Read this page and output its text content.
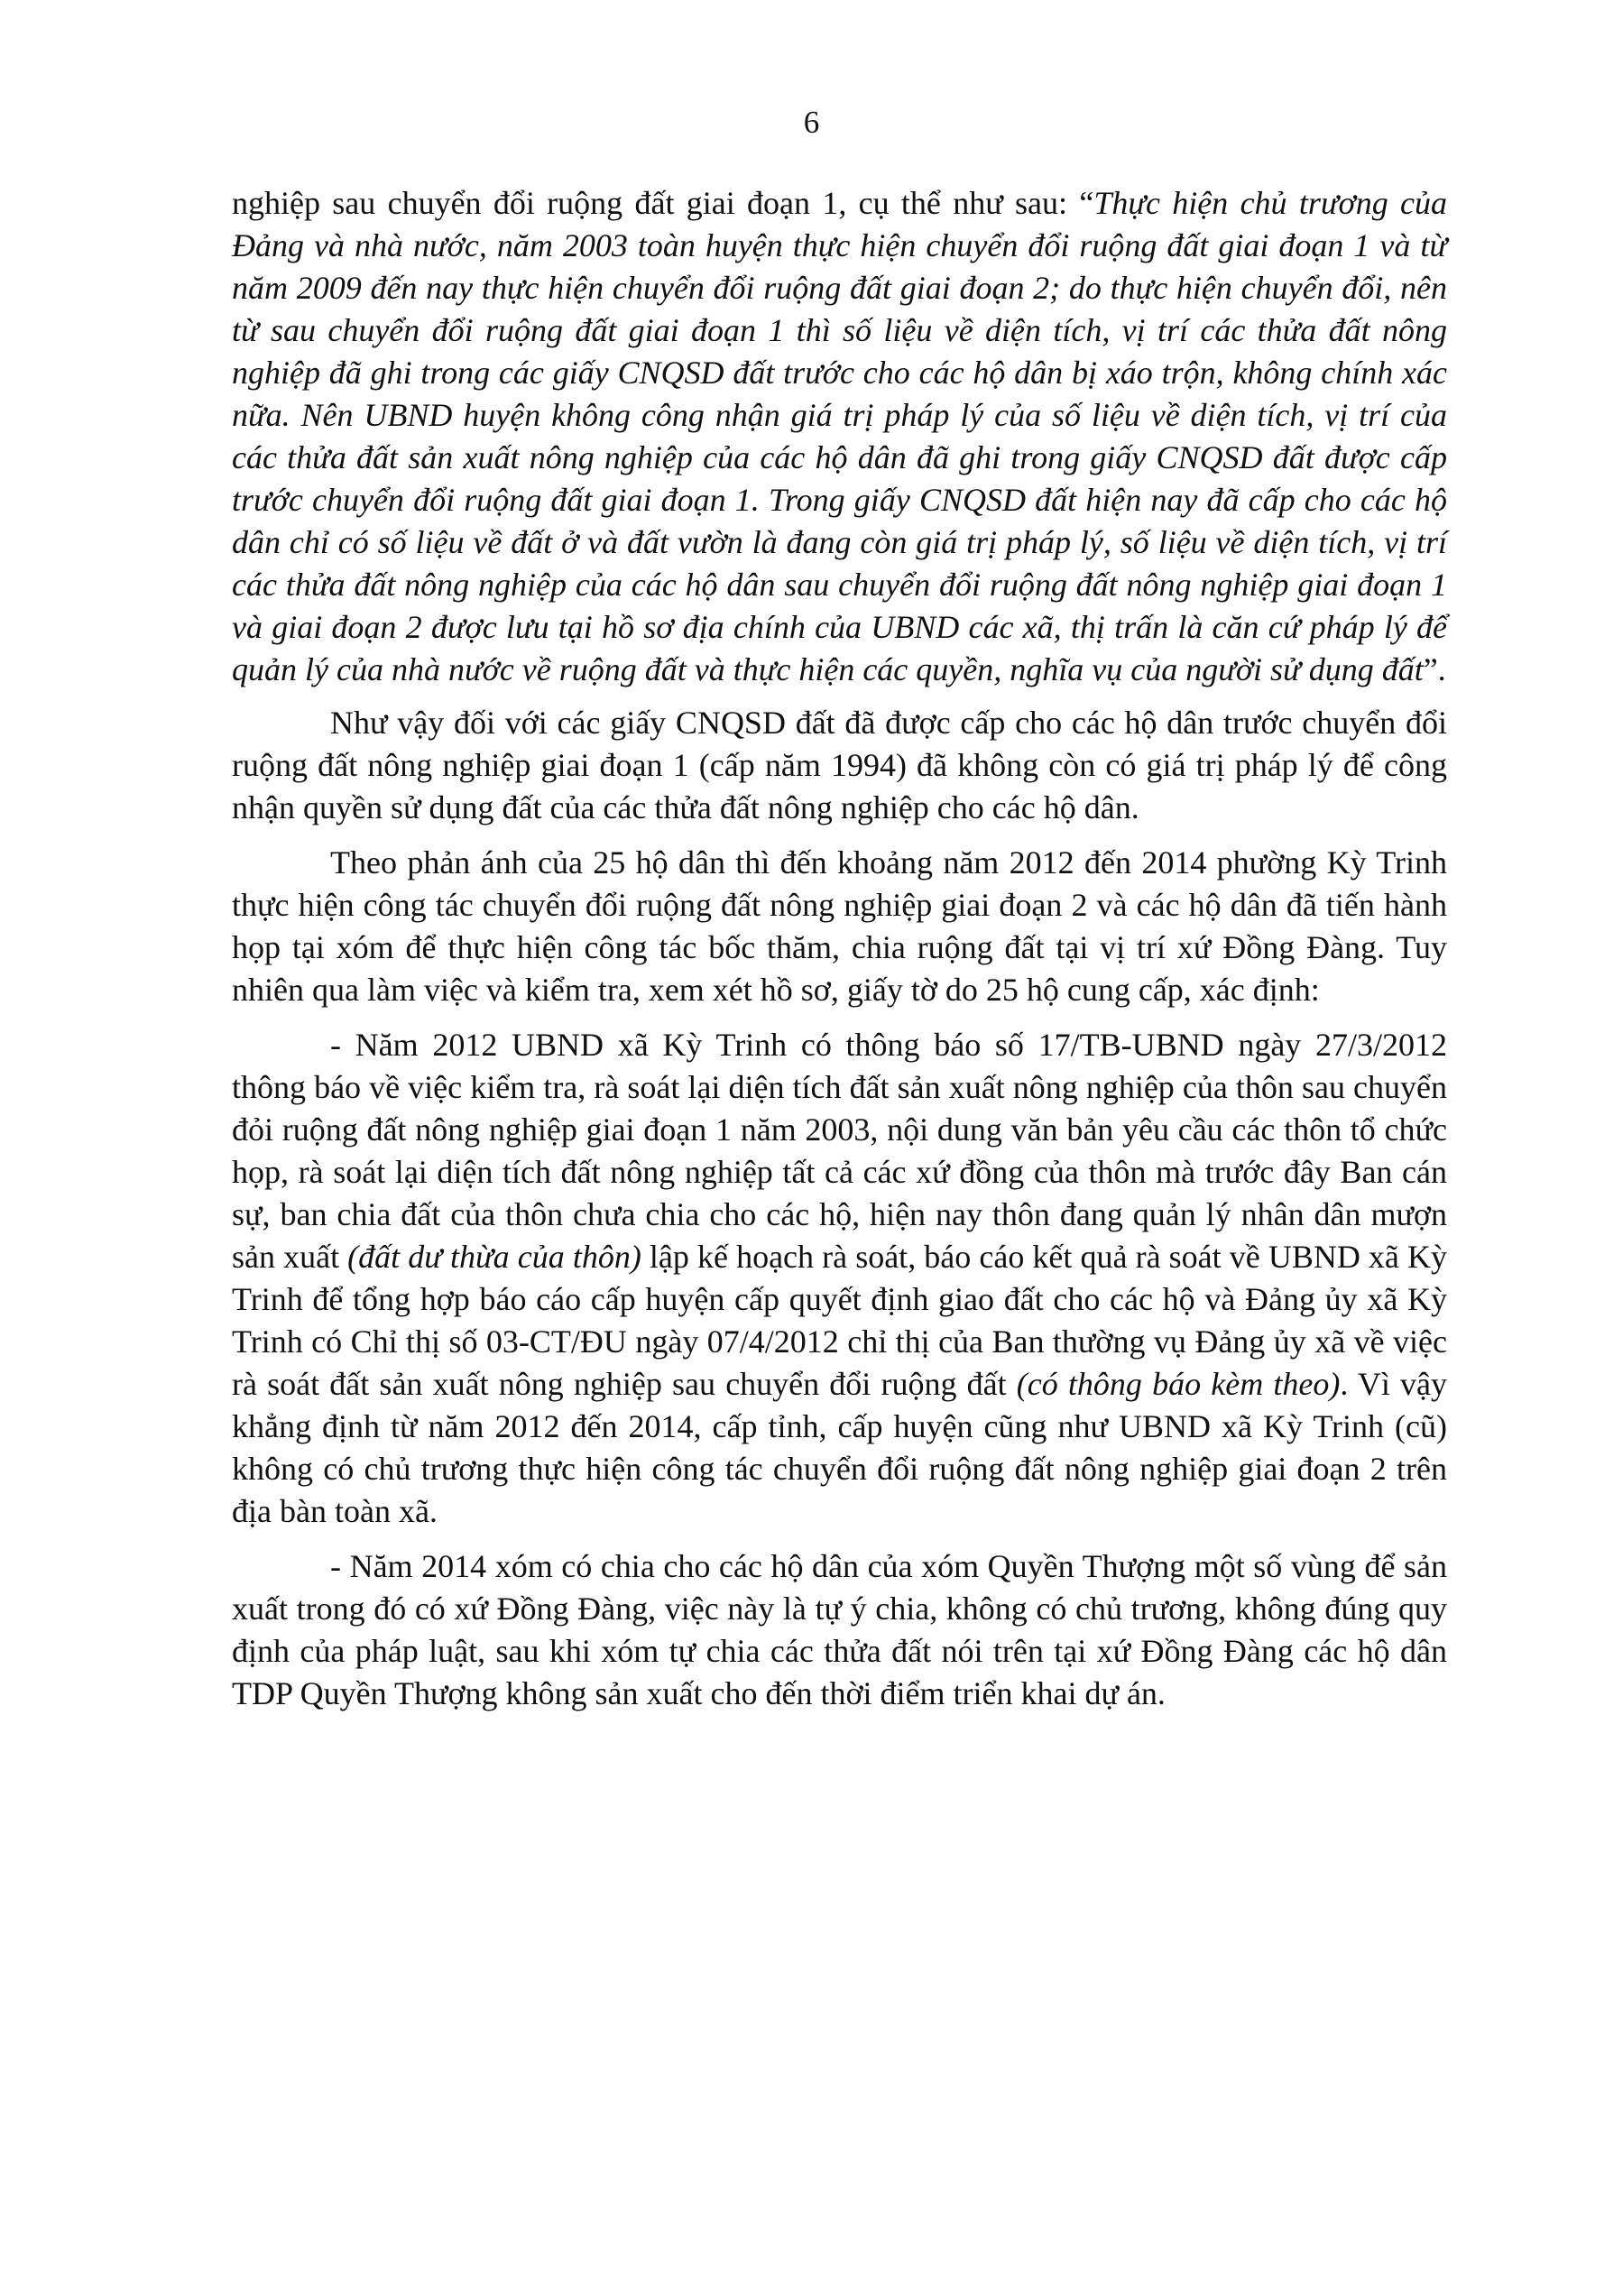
6

nghiệp sau chuyển đổi ruộng đất giai đoạn 1, cụ thể như sau: “Thực hiện chủ trương của Đảng và nhà nước, năm 2003 toàn huyện thực hiện chuyển đổi ruộng đất giai đoạn 1 và từ năm 2009 đến nay thực hiện chuyển đổi ruộng đất giai đoạn 2; do thực hiện chuyển đổi, nên từ sau chuyển đổi ruộng đất giai đoạn 1 thì số liệu về diện tích, vị trí các thửa đất nông nghiệp đã ghi trong các giấy CNQSD đất trước cho các hộ dân bị xáo trộn, không chính xác nữa. Nên UBND huyện không công nhận giá trị pháp lý của số liệu về diện tích, vị trí của các thửa đất sản xuất nông nghiệp của các hộ dân đã ghi trong giấy CNQSD đất được cấp trước chuyển đổi ruộng đất giai đoạn 1. Trong giấy CNQSD đất hiện nay đã cấp cho các hộ dân chỉ có số liệu về đất ở và đất vườn là đang còn giá trị pháp lý, số liệu về diện tích, vị trí các thửa đất nông nghiệp của các hộ dân sau chuyển đổi ruộng đất nông nghiệp giai đoạn 1 và giai đoạn 2 được lưu tại hồ sơ địa chính của UBND các xã, thị trấn là căn cứ pháp lý để quản lý của nhà nước về ruộng đất và thực hiện các quyền, nghĩa vụ của người sử dụng đất”.

Như vậy đối với các giấy CNQSD đất đã được cấp cho các hộ dân trước chuyển đổi ruộng đất nông nghiệp giai đoạn 1 (cấp năm 1994) đã không còn có giá trị pháp lý để công nhận quyền sử dụng đất của các thửa đất nông nghiệp cho các hộ dân.

Theo phản ánh của 25 hộ dân thì đến khoảng năm 2012 đến 2014 phường Kỳ Trinh thực hiện công tác chuyển đổi ruộng đất nông nghiệp giai đoạn 2 và các hộ dân đã tiến hành họp tại xóm để thực hiện công tác bốc thăm, chia ruộng đất tại vị trí xứ Đồng Đàng. Tuy nhiên qua làm việc và kiểm tra, xem xét hồ sơ, giấy tờ do 25 hộ cung cấp, xác định:

- Năm 2012 UBND xã Kỳ Trinh có thông báo số 17/TB-UBND ngày 27/3/2012 thông báo về việc kiểm tra, rà soát lại diện tích đất sản xuất nông nghiệp của thôn sau chuyển đỏi ruộng đất nông nghiệp giai đoạn 1 năm 2003, nội dung văn bản yêu cầu các thôn tổ chức họp, rà soát lại diện tích đất nông nghiệp tất cả các xứ đồng của thôn mà trước đây Ban cán sự, ban chia đất của thôn chưa chia cho các hộ, hiện nay thôn đang quản lý nhân dân mượn sản xuất (đất dư thừa của thôn) lập kế hoạch rà soát, báo cáo kết quả rà soát về UBND xã Kỳ Trinh để tổng hợp báo cáo cấp huyện cấp quyết định giao đất cho các hộ và Đảng ủy xã Kỳ Trinh có Chỉ thị số 03-CT/ĐU ngày 07/4/2012 chỉ thị của Ban thường vụ Đảng ủy xã về việc rà soát đất sản xuất nông nghiệp sau chuyển đổi ruộng đất (có thông báo kèm theo). Vì vậy khẳng định từ năm 2012 đến 2014, cấp tỉnh, cấp huyện cũng như UBND xã Kỳ Trinh (cũ) không có chủ trương thực hiện công tác chuyển đổi ruộng đất nông nghiệp giai đoạn 2 trên địa bàn toàn xã.

- Năm 2014 xóm có chia cho các hộ dân của xóm Quyền Thượng một số vùng để sản xuất trong đó có xứ Đồng Đàng, việc này là tự ý chia, không có chủ trương, không đúng quy định của pháp luật, sau khi xóm tự chia các thửa đất nói trên tại xứ Đồng Đàng các hộ dân TDP Quyền Thượng không sản xuất cho đến thời điểm triển khai dự án.
